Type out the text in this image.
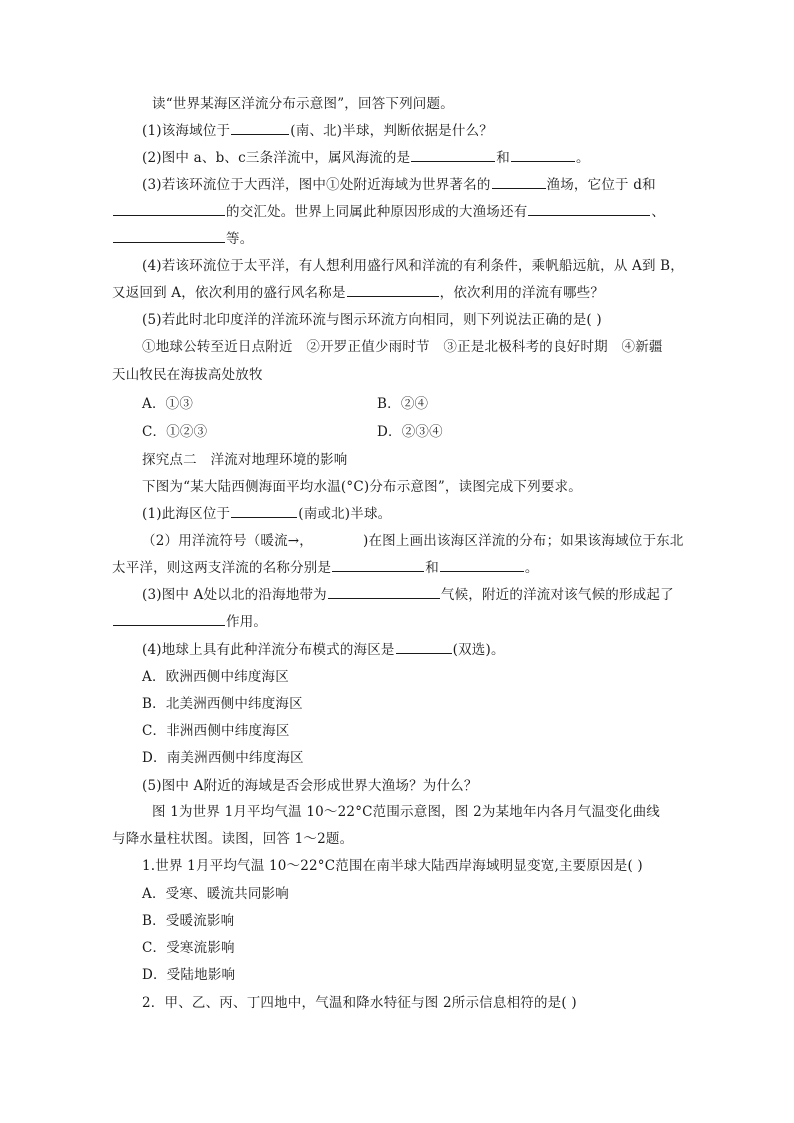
读“世界某海区洋流分布示意图”，回答下列问题。
(1)该海域位于	(南、北)半球，判断依据是什么？
(2)图中 a、b、c三条洋流中，属风海流的是	和	。
(3)若该环流位于大西洋，图中①处附近海域为世界著名的	渔场，它位于 d和
的交汇处。世界上同属此种原因形成的大渔场还有	、
等。
(4)若该环流位于太平洋，有人想利用盛行风和洋流的有利条件，乘帆船远航，从 A到 B，
又返回到 A，依次利用的盛行风名称是	，依次利用的洋流有哪些？
(5)若此时北印度洋的洋流环流与图示环流方向相同，则下列说法正确的是( )
①地球公转至近日点附近　②开罗正值少雨时节　③正是北极科考的良好时期　④新疆
天山牧民在海拔高处放牧
A．①③	B．②④
C．①②③	D．②③④
探究点二　洋流对地理环境的影响
下图为“某大陆西侧海面平均水温(°C)分布示意图”，读图完成下列要求。
(1)此海区位于	(南或北)半球。
（2）用洋流符号（暖流→，	)在图上画出该海区洋流的分布；如果该海域位于东北
太平洋，则这两支洋流的名称分别是	和	。
(3)图中 A处以北的沿海地带为	气候，附近的洋流对该气候的形成起了
作用。
(4)地球上具有此种洋流分布模式的海区是	(双选)。
A．欧洲西侧中纬度海区
B．北美洲西侧中纬度海区
C．非洲西侧中纬度海区
D．南美洲西侧中纬度海区
(5)图中 A附近的海域是否会形成世界大渔场？为什么？
图 1为世界 1月平均气温 10～22°C范围示意图，图 2为某地年内各月气温变化曲线
与降水量柱状图。读图，回答 1～2题。
1.世界 1月平均气温 10～22°C范围在南半球大陆西岸海域明显变宽,主要原因是( )
A．受寒、暖流共同影响
B．受暖流影响
C．受寒流影响
D．受陆地影响
2．甲、乙、丙、丁四地中，气温和降水特征与图 2所示信息相符的是( )
